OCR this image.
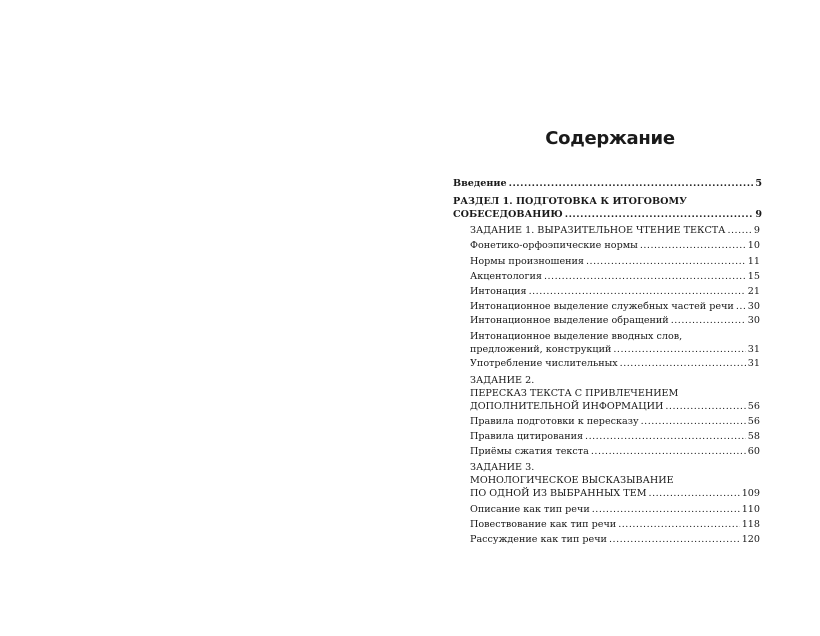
Содержание
Введение .....	5
РАЗДЕЛ 1. ПОДГОТОВКА К ИТОГОВОМУ
СОБЕСЕДОВАНИЮ .....	9
ЗАДАНИЕ 1. ВЫРАЗИТЕЛЬНОЕ ЧТЕНИЕ ТЕКСТА .....	9
Фонетико-орфоэпические нормы .....	10
Нормы произношения .....	11
Акцентология .....	15
Интонация .....	21
Интонационное выделение служебных частей речи ..... 30
Интонационное выделение обращений .....	30
Интонационное выделение вводных слов,
предложений, конструкций .....	31
Употребление числительных .....	31
ЗАДАНИЕ 2.
ПЕРЕСКАЗ ТЕКСТА С ПРИВЛЕЧЕНИЕМ
ДОПОЛНИТЕЛЬНОЙ ИНФОРМАЦИИ .....	56
Правила подготовки к пересказу .....	56
Правила цитирования .....	58
Приёмы сжатия текста .....	60
ЗАДАНИЕ 3.
МОНОЛОГИЧЕСКОЕ ВЫСКАЗЫВАНИЕ
ПО ОДНОЙ ИЗ ВЫБРАННЫХ ТЕМ .....	109
Описание как тип речи .....	110
Повествование как тип речи .....	118
Рассуждение как тип речи .....	120
